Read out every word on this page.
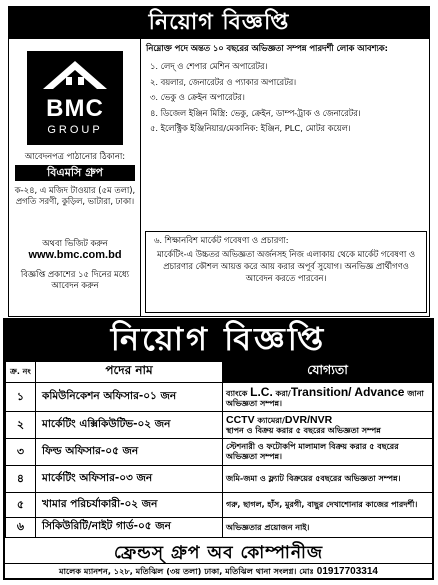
নিয়োগ বিজ্ঞপ্তি
BMC
GROUP
আবেদনপত্র পাঠানোর ঠিকানা:
বিএমসি গ্রুপ
ক-২৪, এ মজিদ টাওয়ার (৫ম তলা), প্রগতি সরণী, কুড়িল, ভাটারা, ঢাকা।
অথবা ভিজিট করুন
www.bmc.com.bd
বিজ্ঞপ্তি প্রকাশের ১৫ দিনের মধ্যে আবেদন করুন
নিম্নোক্ত পদে অন্তত ১০ বছরের অভিজ্ঞতা সম্পন্ন পারদর্শী লোক আবশ্যক:
১. লেদ্ ও শেপার মেশিন অপারেটর।
২. বয়লার, জেনারেটর ও প্যাকার অপারেটর।
৩. ভেকু ও ক্রেইন অপারেটর।
৪. ডিজেল ইঞ্জিন মিস্ত্রি: ভেকু, ক্রেইন, ডাম্প-ট্রাক ও জেনারেটর।
৫. ইলেক্ট্রিক ইঞ্জিনিয়ার/মেকানিক: ইঞ্জিন, PLC, মোটর কয়েল।
৬. শিক্ষানবিশ মার্কেট গবেষণা ও প্রচারণা:
মার্কেটিং-এ উচ্চতর অভিজ্ঞতা অর্জনসহ নিজ এলাকায় থেকে মার্কেট গবেষণা ও প্রচারণার কৌশল আয়ত্ত করে আয় করার অপূর্ব সুযোগ। অনভিজ্ঞ প্রার্থীগণও আবেদন করতে পারবেন।
নিয়োগ বিজ্ঞপ্তি
ক্র. নং	পদের নাম	যোগ্যতা
১	কমিউনিকেশন অফিসার-০১ জন	ব্যাংকে L.C. করা/Transition/ Advance জানা অভিজ্ঞতা সম্পন্ন।
২	মার্কেটিং এক্সিকিউটিভ-০২ জন	CCTV ক্যামেরা/DVR/NVR
স্থাপন ও বিক্রয় করার ৫ বছরের অভিজ্ঞতা সম্পন্ন
৩	ফিল্ড অফিসার-০৫ জন	স্টেশনারী ও ফটোকপি মালামাল বিক্রয় করার ৫ বছরের অভিজ্ঞতা সম্পন্ন।
৪	মার্কেটিং অফিসার-০৩ জন	জমি-জমা ও ফ্ল্যাট বিক্রয়ের ৫বছরের অভিজ্ঞতা সম্পন্ন।
৫	খামার পরিচর্যাকারী-০২ জন	গরু, ছাগল, হাঁস, মুরগী, বাছুর দেখাশোনার কাজের পারদর্শী।
৬	সিকিউরিটি/নাইট গার্ড-০৫ জন	অভিজ্ঞতার প্রয়োজন নাই।
ফ্রেন্ডস্ গ্রুপ অব কোম্পানীজ
মালেক ম্যানশন, ১২৮, মতিঝিল (৩য় তলা) ঢাকা, মতিঝিল থানা সংলগ্ন। মোঃ 01917703314
